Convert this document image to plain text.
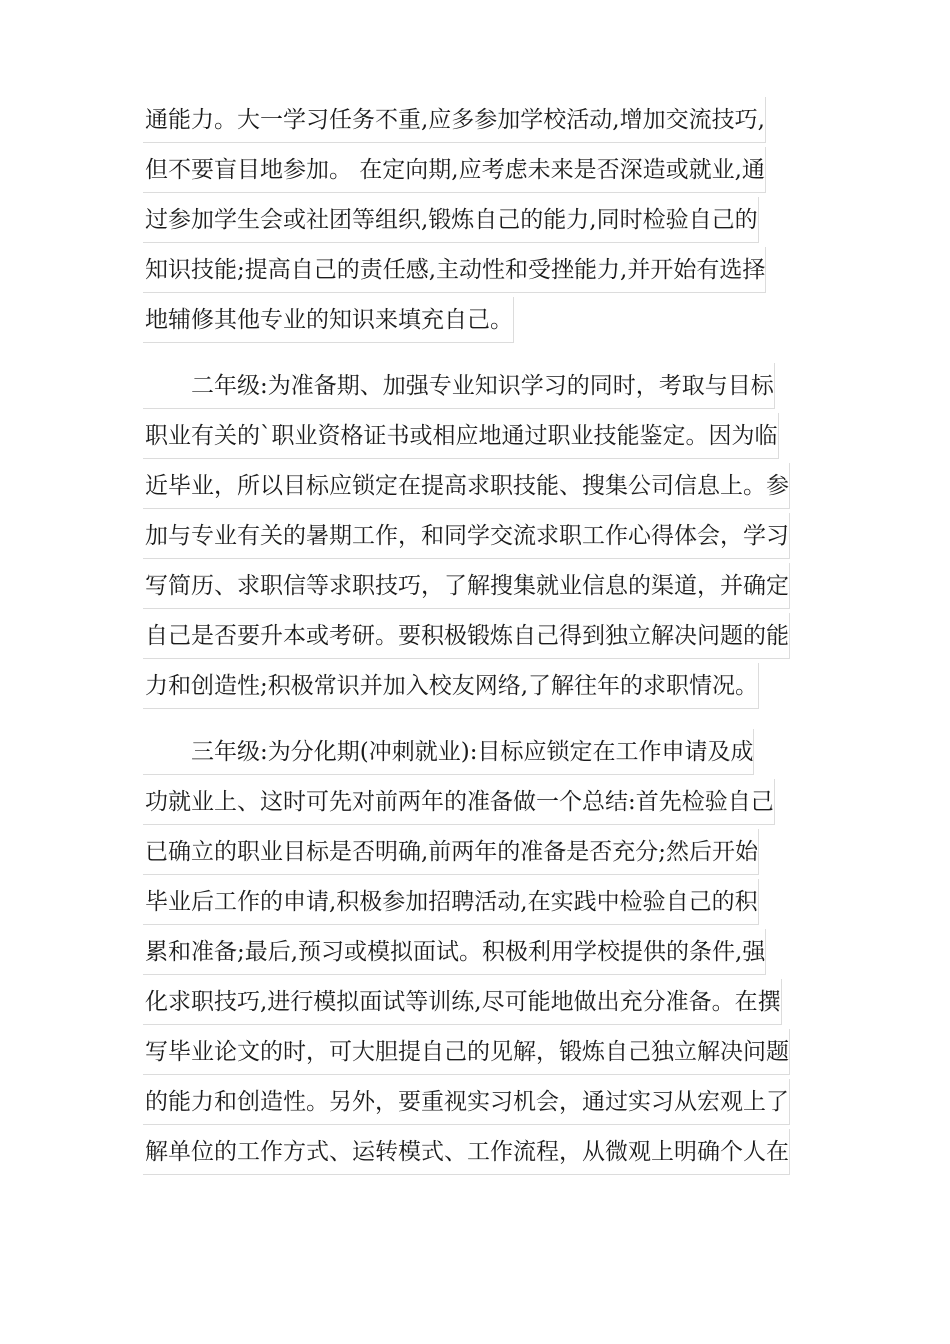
通能力。大一学习任务不重,应多参加学校活动,增加交流技巧,
但不要盲目地参加。 在定向期,应考虑未来是否深造或就业,通
过参加学生会或社团等组织,锻炼自己的能力,同时检验自己的
知识技能;提高自己的责任感,主动性和受挫能力,并开始有选择
地辅修其他专业的知识来填充自己。
二年级:为准备期、加强专业知识学习的同时，考取与目标
职业有关的`职业资格证书或相应地通过职业技能鉴定。因为临
近毕业，所以目标应锁定在提高求职技能、搜集公司信息上。参
加与专业有关的暑期工作，和同学交流求职工作心得体会，学习
写简历、求职信等求职技巧，了解搜集就业信息的渠道，并确定
自己是否要升本或考研。要积极锻炼自己得到独立解决问题的能
力和创造性;积极常识并加入校友网络,了解往年的求职情况。
三年级:为分化期(冲刺就业):目标应锁定在工作申请及成
功就业上、这时可先对前两年的准备做一个总结:首先检验自己
已确立的职业目标是否明确,前两年的准备是否充分;然后开始
毕业后工作的申请,积极参加招聘活动,在实践中检验自己的积
累和准备;最后,预习或模拟面试。积极利用学校提供的条件,强
化求职技巧,进行模拟面试等训练,尽可能地做出充分准备。在撰
写毕业论文的时，可大胆提自己的见解，锻炼自己独立解决问题
的能力和创造性。另外，要重视实习机会，通过实习从宏观上了
解单位的工作方式、运转模式、工作流程，从微观上明确个人在
